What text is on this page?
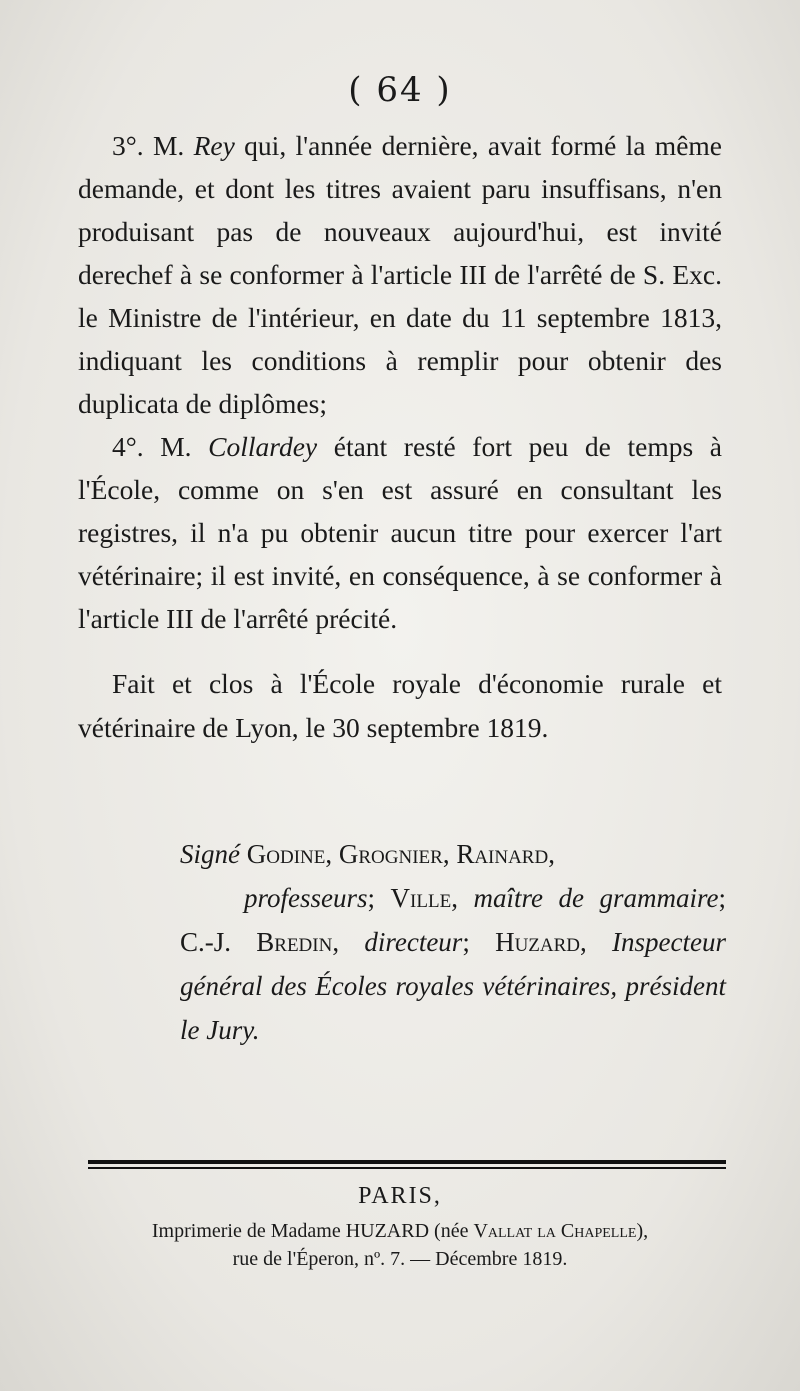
( 64 )

3°. M. Rey qui, l'année dernière, avait formé la même demande, et dont les titres avaient paru insuffisans, n'en produisant pas de nouveaux aujourd'hui, est invité derechef à se conformer à l'article III de l'arrêté de S. Exc. le Ministre de l'intérieur, en date du 11 septembre 1813, indiquant les conditions à remplir pour obtenir des duplicata de diplômes;

4°. M. Collardey étant resté fort peu de temps à l'École, comme on s'en est assuré en consultant les registres, il n'a pu obtenir aucun titre pour exercer l'art vétérinaire; il est invité, en conséquence, à se conformer à l'article III de l'arrêté précité.

Fait et clos à l'École royale d'économie rurale et vétérinaire de Lyon, le 30 septembre 1819.

Signé Godine, Grognier, Rainard,
professeurs; Ville, maître de grammaire; C.-J. Bredin, directeur; Huzard, Inspecteur général des Écoles royales vétérinaires, président le Jury.
PARIS,
Imprimerie de Madame HUZARD (née Vallat la Chapelle),
rue de l'Éperon, nº. 7. — Décembre 1819.
